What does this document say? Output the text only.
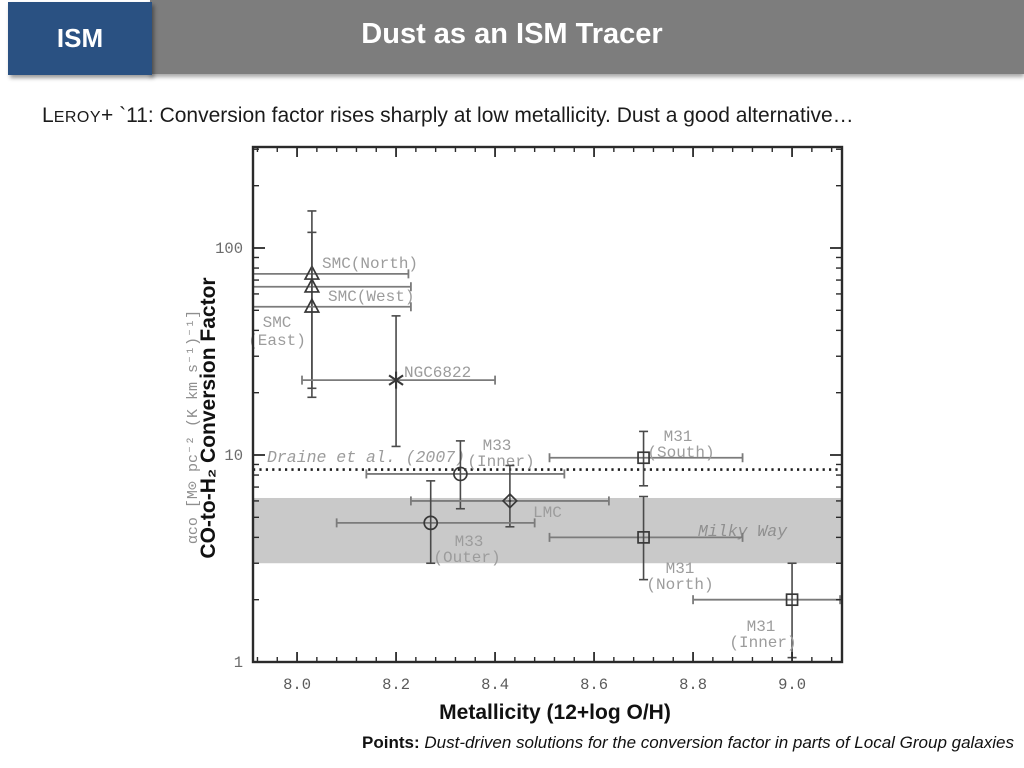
Dust as an ISM Tracer
ISM
LEROY+ `11: Conversion factor rises sharply at low metallicity. Dust a good alternative…
Draine et al. (2007)
Milky Way
SMC(North)
SMC(West)
SMC
(East)
NGC6822
M33
(Inner)
LMC
M33
(Outer)
M31
(South)
M31
(North)
M31
(Inner)
8.0	8.2	8.4	8.6	8.8	9.0
1
10
100
αco [M⊙ pc⁻² (K km s⁻¹)⁻¹]
CO-to-H₂ Conversion Factor
Metallicity (12+log O/H)
Points: Dust-driven solutions for the conversion factor in parts of Local Group galaxies
